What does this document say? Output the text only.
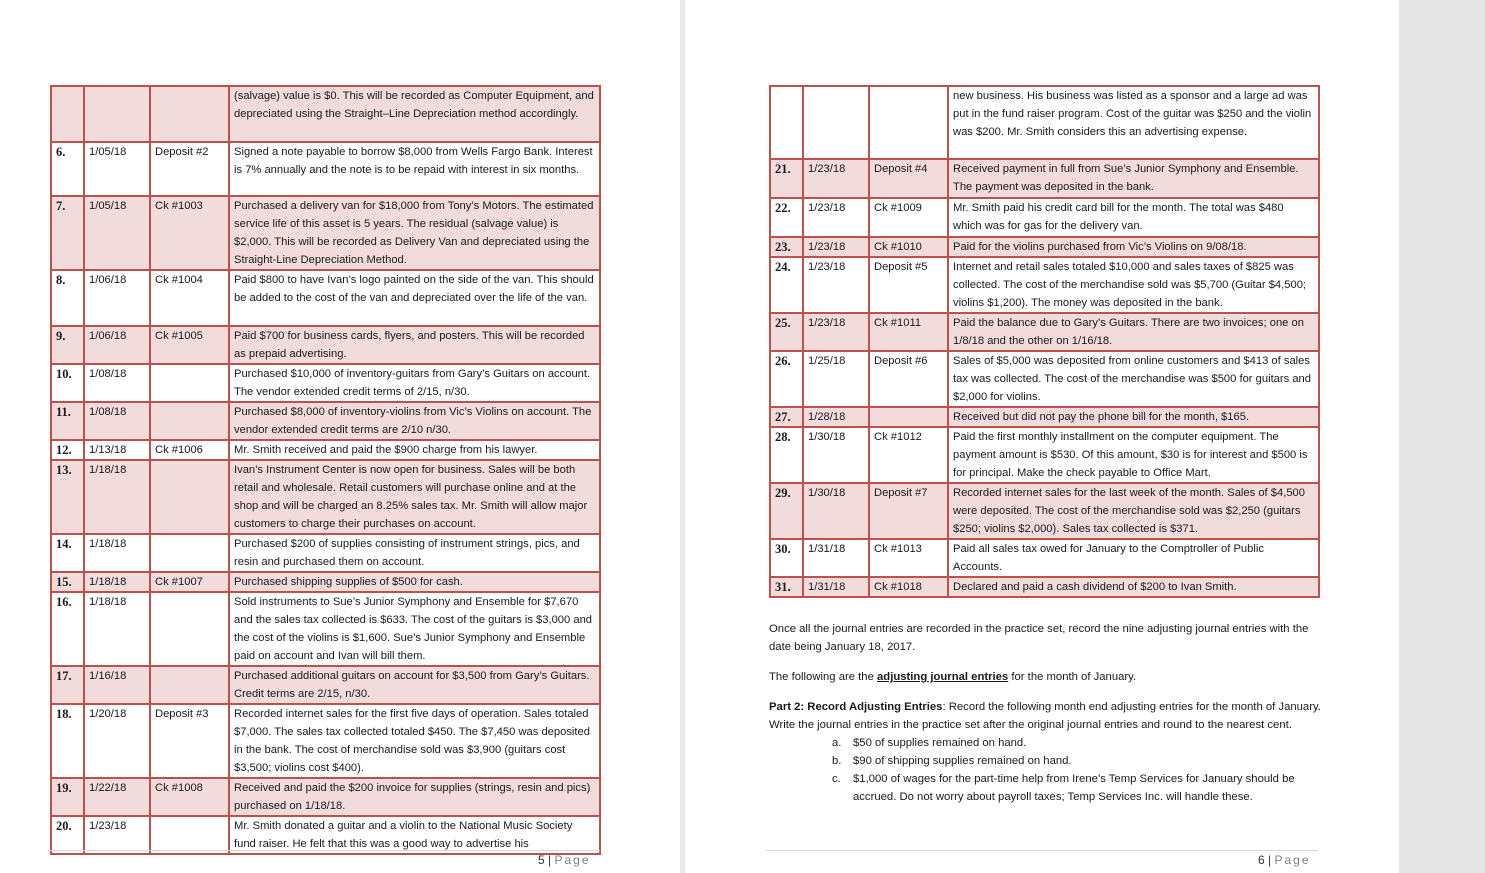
			(salvage) value is $0. This will be recorded as Computer Equipment, and depreciated using the Straight–Line Depreciation method accordingly.
6.	1/05/18	Deposit #2	Signed a note payable to borrow $8,000 from Wells Fargo Bank. Interest is 7% annually and the note is to be repaid with interest in six months.
7.	1/05/18	Ck #1003	Purchased a delivery van for $18,000 from Tony’s Motors. The estimated service life of this asset is 5 years. The residual (salvage value) is $2,000. This will be recorded as Delivery Van and depreciated using the Straight-Line Depreciation Method.
8.	1/06/18	Ck #1004	Paid $800 to have Ivan’s logo painted on the side of the van. This should be added to the cost of the van and depreciated over the life of the van.
9.	1/06/18	Ck #1005	Paid $700 for business cards, flyers, and posters. This will be recorded as prepaid advertising.
10.	1/08/18		Purchased $10,000 of inventory-guitars from Gary’s Guitars on account. The vendor extended credit terms of 2/15, n/30.
11.	1/08/18		Purchased $8,000 of inventory-violins from Vic’s Violins on account. The vendor extended credit terms are 2/10 n/30.
12.	1/13/18	Ck #1006	Mr. Smith received and paid the $900 charge from his lawyer.
13.	1/18/18		Ivan’s Instrument Center is now open for business. Sales will be both retail and wholesale. Retail customers will purchase online and at the shop and will be charged an 8.25% sales tax. Mr. Smith will allow major customers to charge their purchases on account.
14.	1/18/18		Purchased $200 of supplies consisting of instrument strings, pics, and resin and purchased them on account.
15.	1/18/18	Ck #1007	Purchased shipping supplies of $500 for cash.
16.	1/18/18		Sold instruments to Sue’s Junior Symphony and Ensemble for $7,670 and the sales tax collected is $633. The cost of the guitars is $3,000 and the cost of the violins is $1,600. Sue’s Junior Symphony and Ensemble paid on account and Ivan will bill them.
17.	1/16/18		Purchased additional guitars on account for $3,500 from Gary’s Guitars. Credit terms are 2/15, n/30.
18.	1/20/18	Deposit #3	Recorded internet sales for the first five days of operation. Sales totaled $7,000. The sales tax collected totaled $450. The $7,450 was deposited in the bank. The cost of merchandise sold was $3,900 (guitars cost $3,500; violins cost $400).
19.	1/22/18	Ck #1008	Received and paid the $200 invoice for supplies (strings, resin and pics) purchased on 1/18/18.
20.	1/23/18		Mr. Smith donated a guitar and a violin to the National Music Society fund raiser. He felt that this was a good way to advertise his
			new business. His business was listed as a sponsor and a large ad was put in the fund raiser program. Cost of the guitar was $250 and the violin was $200. Mr. Smith considers this an advertising expense.
21.	1/23/18	Deposit #4	Received payment in full from Sue’s Junior Symphony and Ensemble. The payment was deposited in the bank.
22.	1/23/18	Ck #1009	Mr. Smith paid his credit card bill for the month. The total was $480 which was for gas for the delivery van.
23.	1/23/18	Ck #1010	Paid for the violins purchased from Vic’s Violins on 9/08/18.
24.	1/23/18	Deposit #5	Internet and retail sales totaled $10,000 and sales taxes of $825 was collected. The cost of the merchandise sold was $5,700 (Guitar $4,500; violins $1,200). The money was deposited in the bank.
25.	1/23/18	Ck #1011	Paid the balance due to Gary’s Guitars. There are two invoices; one on 1/8/18 and the other on 1/16/18.
26.	1/25/18	Deposit #6	Sales of $5,000 was deposited from online customers and $413 of sales tax was collected. The cost of the merchandise was $500 for guitars and $2,000 for violins.
27.	1/28/18		Received but did not pay the phone bill for the month, $165.
28.	1/30/18	Ck #1012	Paid the first monthly installment on the computer equipment. The payment amount is $530. Of this amount, $30 is for interest and $500 is for principal. Make the check payable to Office Mart.
29.	1/30/18	Deposit #7	Recorded internet sales for the last week of the month. Sales of $4,500 were deposited. The cost of the merchandise sold was $2,250 (guitars $250; violins $2,000). Sales tax collected is $371.
30.	1/31/18	Ck #1013	Paid all sales tax owed for January to the Comptroller of Public Accounts.
31.	1/31/18	Ck #1018	Declared and paid a cash dividend of $200 to Ivan Smith.

Once all the journal entries are recorded in the practice set, record the nine adjusting journal entries with the date being January 18, 2017.

The following are the adjusting journal entries for the month of January.

Part 2: Record Adjusting Entries: Record the following month end adjusting entries for the month of January. Write the journal entries in the practice set after the original journal entries and round to the nearest cent.

a. $50 of supplies remained on hand.
b. $90 of shipping supplies remained on hand.
c. $1,000 of wages for the part-time help from Irene’s Temp Services for January should be accrued. Do not worry about payroll taxes; Temp Services Inc. will handle these.
5 | Page	6 | Page
